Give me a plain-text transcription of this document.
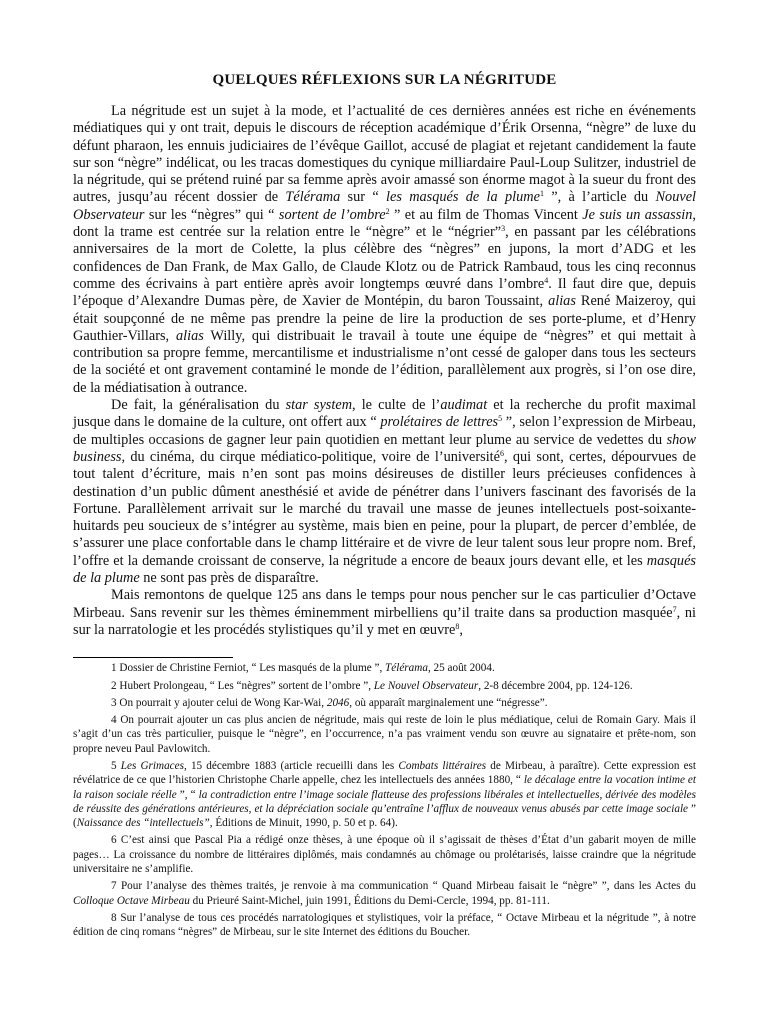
QUELQUES RÉFLEXIONS SUR LA NÉGRITUDE

La négritude est un sujet à la mode, et l’actualité de ces dernières années est riche en événements médiatiques qui y ont trait, depuis le discours de réception académique d’Érik Orsenna, “nègre” de luxe du défunt pharaon, les ennuis judiciaires de l’évêque Gaillot, accusé de plagiat et rejetant candidement la faute sur son “nègre” indélicat, ou les tracas domestiques du cynique milliardaire Paul-Loup Sulitzer, industriel de la négritude, qui se prétend ruiné par sa femme après avoir amassé son énorme magot à la sueur du front des autres, jusqu’au récent dossier de Télérama sur “ les masqués de la plume$^1$ ”, à l’article du Nouvel Observateur sur les “nègres” qui “ sortent de l’ombre$^2$ ” et au film de Thomas Vincent Je suis un assassin, dont la trame est centrée sur la relation entre le “nègre” et le “négrier”$^3$, en passant par les célébrations anniversaires de la mort de Colette, la plus célèbre des “nègres” en jupons, la mort d’ADG et les confidences de Dan Frank, de Max Gallo, de Claude Klotz ou de Patrick Rambaud, tous les cinq reconnus comme des écrivains à part entière après avoir longtemps œuvré dans l’ombre$^4$. Il faut dire que, depuis l’époque d’Alexandre Dumas père, de Xavier de Montépin, du baron Toussaint, alias René Maizeroy, qui était soupçonné de ne même pas prendre la peine de lire la production de ses porte-plume, et d’Henry Gauthier-Villars, alias Willy, qui distribuait le travail à toute une équipe de “nègres” et qui mettait à contribution sa propre femme, mercantilisme et industrialisme n’ont cessé de galoper dans tous les secteurs de la société et ont gravement contaminé le monde de l’édition, parallèlement aux progrès, si l’on ose dire, de la médiatisation à outrance.

De fait, la généralisation du star system, le culte de l’audimat et la recherche du profit maximal jusque dans le domaine de la culture, ont offert aux “ prolétaires de lettres$^5$ ”, selon l’expression de Mirbeau, de multiples occasions de gagner leur pain quotidien en mettant leur plume au service de vedettes du show business, du cinéma, du cirque médiatico-politique, voire de l’université$^6$, qui sont, certes, dépourvues de tout talent d’écriture, mais n’en sont pas moins désireuses de distiller leurs précieuses confidences à destination d’un public dûment anesthésié et avide de pénétrer dans l’univers fascinant des favorisés de la Fortune. Parallèlement arrivait sur le marché du travail une masse de jeunes intellectuels post-soixante-huitards peu soucieux de s’intégrer au système, mais bien en peine, pour la plupart, de percer d’emblée, de s’assurer une place confortable dans le champ littéraire et de vivre de leur talent sous leur propre nom. Bref, l’offre et la demande croissant de conserve, la négritude a encore de beaux jours devant elle, et les masqués de la plume ne sont pas près de disparaître.

Mais remontons de quelque 125 ans dans le temps pour nous pencher sur le cas particulier d’Octave Mirbeau. Sans revenir sur les thèmes éminemment mirbelliens qu’il traite dans sa production masquée$^7$, ni sur la narratologie et les procédés stylistiques qu’il y met en œuvre$^8$,

1 Dossier de Christine Ferniot, “ Les masqués de la plume ”, Télérama, 25 août 2004.

2 Hubert Prolongeau, “ Les “nègres” sortent de l’ombre ”, Le Nouvel Observateur, 2-8 décembre 2004, pp. 124-126.

3 On pourrait y ajouter celui de Wong Kar-Wai, 2046, où apparaît marginalement une “négresse”.

4 On pourrait ajouter un cas plus ancien de négritude, mais qui reste de loin le plus médiatique, celui de Romain Gary. Mais il s’agit d’un cas très particulier, puisque le “nègre”, en l’occurrence, n’a pas vraiment vendu son œuvre au signataire et prête-nom, son propre neveu Paul Pavlowitch.

5 Les Grimaces, 15 décembre 1883 (article recueilli dans les Combats littéraires de Mirbeau, à paraître). Cette expression est révélatrice de ce que l’historien Christophe Charle appelle, chez les intellectuels des années 1880, “ le décalage entre la vocation intime et la raison sociale réelle ”, “ la contradiction entre l’image sociale flatteuse des professions libérales et intellectuelles, dérivée des modèles de réussite des générations antérieures, et la dépréciation sociale qu’entraîne l’afflux de nouveaux venus abusés par cette image sociale ” (Naissance des “intellectuels”, Éditions de Minuit, 1990, p. 50 et p. 64).

6 C’est ainsi que Pascal Pia a rédigé onze thèses, à une époque où il s’agissait de thèses d’État d’un gabarit moyen de mille pages… La croissance du nombre de littéraires diplômés, mais condamnés au chômage ou prolétarisés, laisse craindre que la négritude universitaire ne s’amplifie.

7 Pour l’analyse des thèmes traités, je renvoie à ma communication “ Quand Mirbeau faisait le “nègre” ”, dans les Actes du Colloque Octave Mirbeau du Prieuré Saint-Michel, juin 1991, Éditions du Demi-Cercle, 1994, pp. 81-111.

8 Sur l’analyse de tous ces procédés narratologiques et stylistiques, voir la préface, “ Octave Mirbeau et la négritude ”, à notre édition de cinq romans “nègres” de Mirbeau, sur le site Internet des éditions du Boucher.
